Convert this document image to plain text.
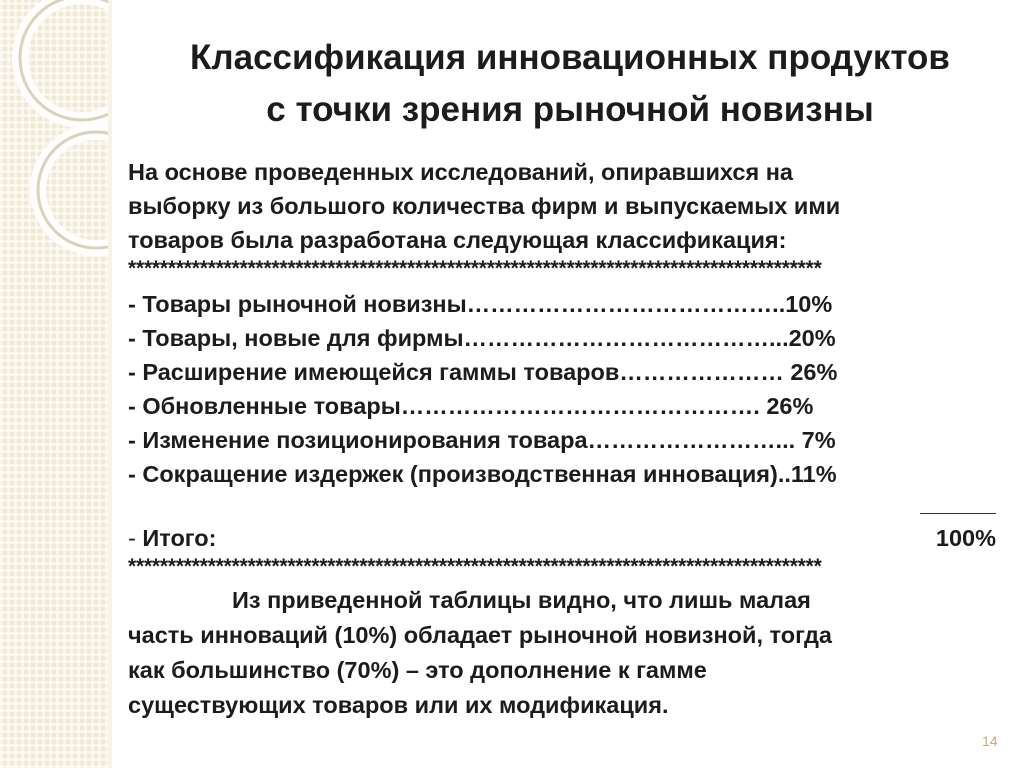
Классификация инновационных продуктов
с точки зрения рыночной новизны
На основе проведенных исследований, опиравшихся на
выборку из большого количества фирм и выпускаемых ими
товаров была разработана следующая классификация:
***************************************************************************************
- Товары рыночной новизны…………………………………..10%
- Товары, новые для фирмы…………………………………...20%
- Расширение имеющейся гаммы товаров………………… 26%
- Обновленные товары………………………………………. 26%
- Изменение позиционирования товара……………………... 7%
- Сокращение издержек (производственная инновация)..11%
- Итого:	100%
***************************************************************************************
Из приведенной таблицы видно, что лишь малая
часть инноваций (10%) обладает рыночной новизной, тогда
как большинство (70%) – это дополнение к гамме
существующих товаров или их модификация.
14
